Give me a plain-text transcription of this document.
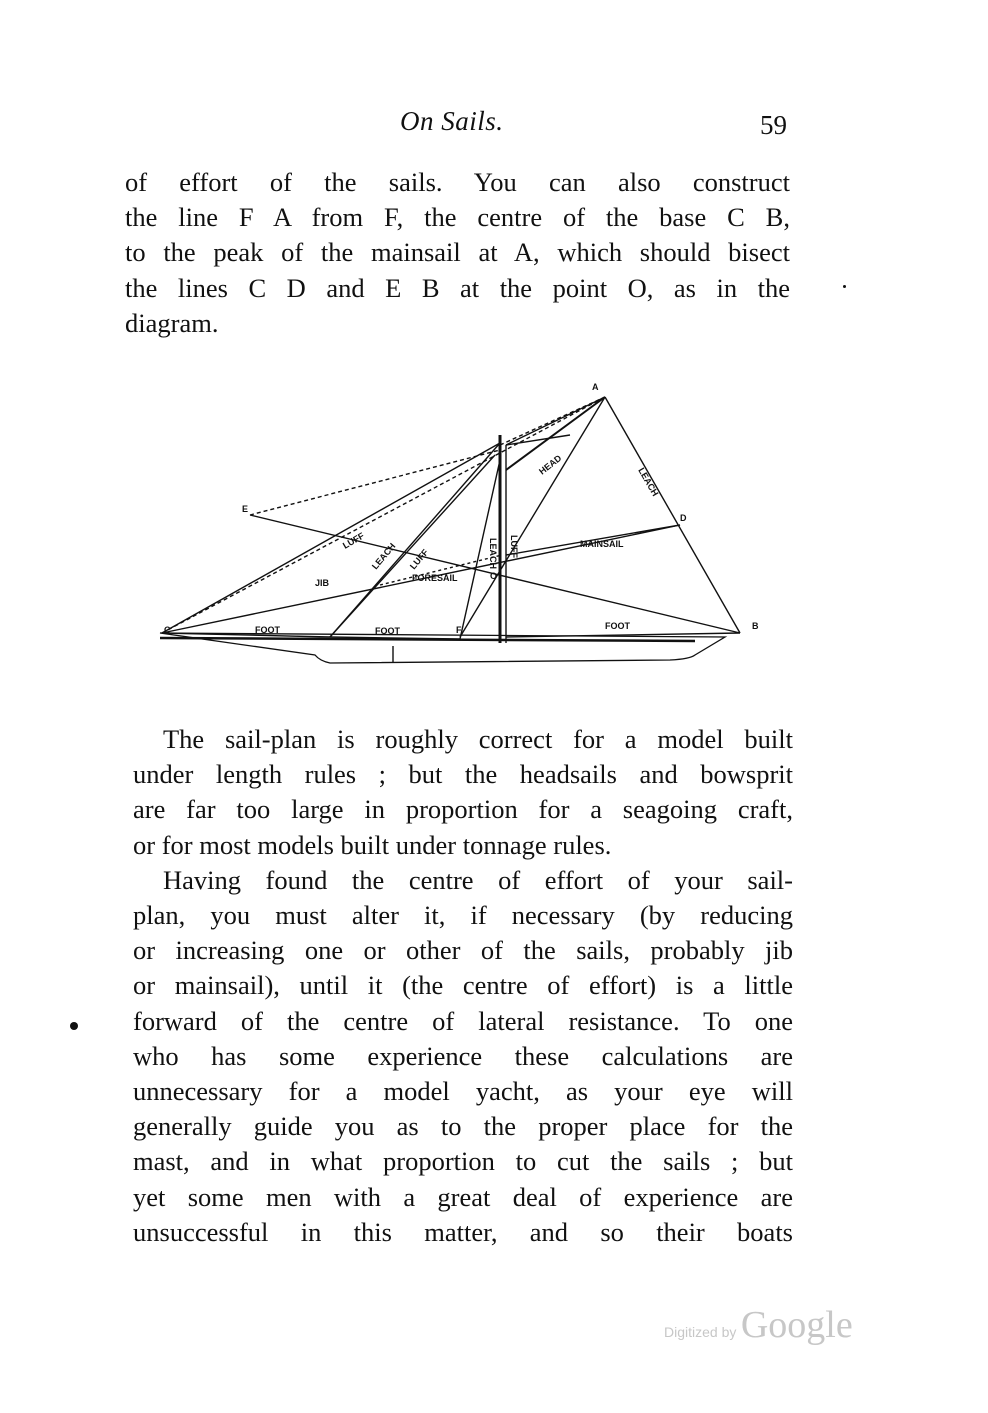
On Sails.	59
of effort of the sails. You can also construct
the line F A from F, the centre of the base C B,
to the peak of the mainsail at A, which should bisect
the lines C D and E B at the point O, as in the
diagram.
A
E
D
C	B
F
LUFF
LEACH LUFF
HEAD
LEACH
MAINSAIL
JIB	FORESAIL
FOOT	FOOT	FOOT
LEACH LUFF
O
The sail-plan is roughly correct for a model built
under length rules ; but the headsails and bowsprit
are far too large in proportion for a seagoing craft,
or for most models built under tonnage rules.
Having found the centre of effort of your sail-
plan, you must alter it, if necessary (by reducing
or increasing one or other of the sails, probably jib
or mainsail), until it (the centre of effort) is a little
forward of the centre of lateral resistance. To one
who has some experience these calculations are
unnecessary for a model yacht, as your eye will
generally guide you as to the proper place for the
mast, and in what proportion to cut the sails ; but
yet some men with a great deal of experience are
unsuccessful in this matter, and so their boats
Digitized by Google
